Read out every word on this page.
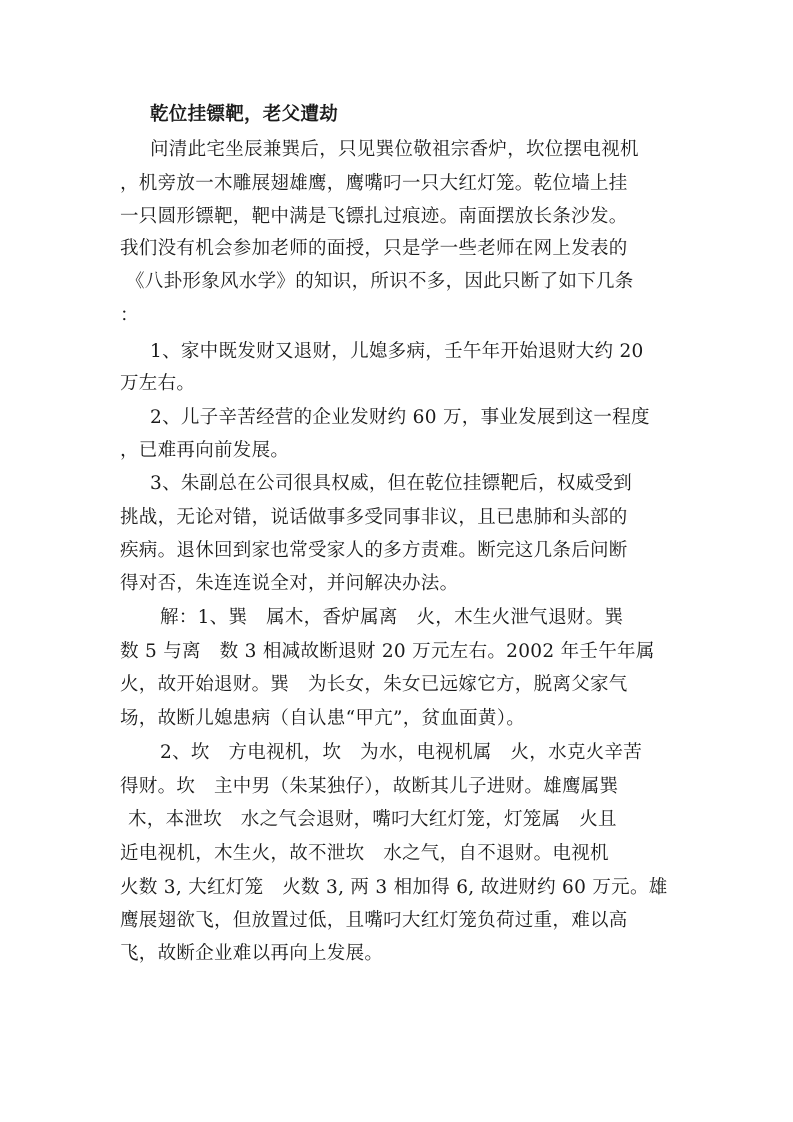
乾位挂镖靶，老父遭劫
问清此宅坐辰兼巽后，只见巽位敬祖宗香炉，坎位摆电视机
，机旁放一木雕展翅雄鹰，鹰嘴叼一只大红灯笼。乾位墙上挂
一只圆形镖靶，靶中满是飞镖扎过痕迹。南面摆放长条沙发。
我们没有机会参加老师的面授，只是学一些老师在网上发表的
《八卦形象风水学》的知识，所识不多，因此只断了如下几条
：
1、家中既发财又退财，儿媳多病，壬午年开始退财大约 20
万左右。
2、儿子辛苦经营的企业发财约 60 万，事业发展到这一程度
，已难再向前发展。
3、朱副总在公司很具权威，但在乾位挂镖靶后，权威受到
挑战，无论对错，说话做事多受同事非议，且已患肺和头部的
疾病。退休回到家也常受家人的多方责难。断完这几条后问断
得对否，朱连连说全对，并问解决办法。
解：1、巽　属木，香炉属离　火，木生火泄气退财。巽
数 5 与离　数 3 相减故断退财 20 万元左右。2002 年壬午年属
火，故开始退财。巽　为长女，朱女已远嫁它方，脱离父家气
场，故断儿媳患病（自认患“甲亢”，贫血面黄）。
2、坎　方电视机，坎　为水，电视机属　火，水克火辛苦
得财。坎　主中男（朱某独仔），故断其儿子进财。雄鹰属巽
木，本泄坎　水之气会退财，嘴叼大红灯笼，灯笼属　火且
近电视机，木生火，故不泄坎　水之气，自不退财。电视机
火数 3, 大红灯笼　火数 3, 两 3 相加得 6, 故进财约 60 万元。雄
鹰展翅欲飞，但放置过低，且嘴叼大红灯笼负荷过重，难以高
飞，故断企业难以再向上发展。
